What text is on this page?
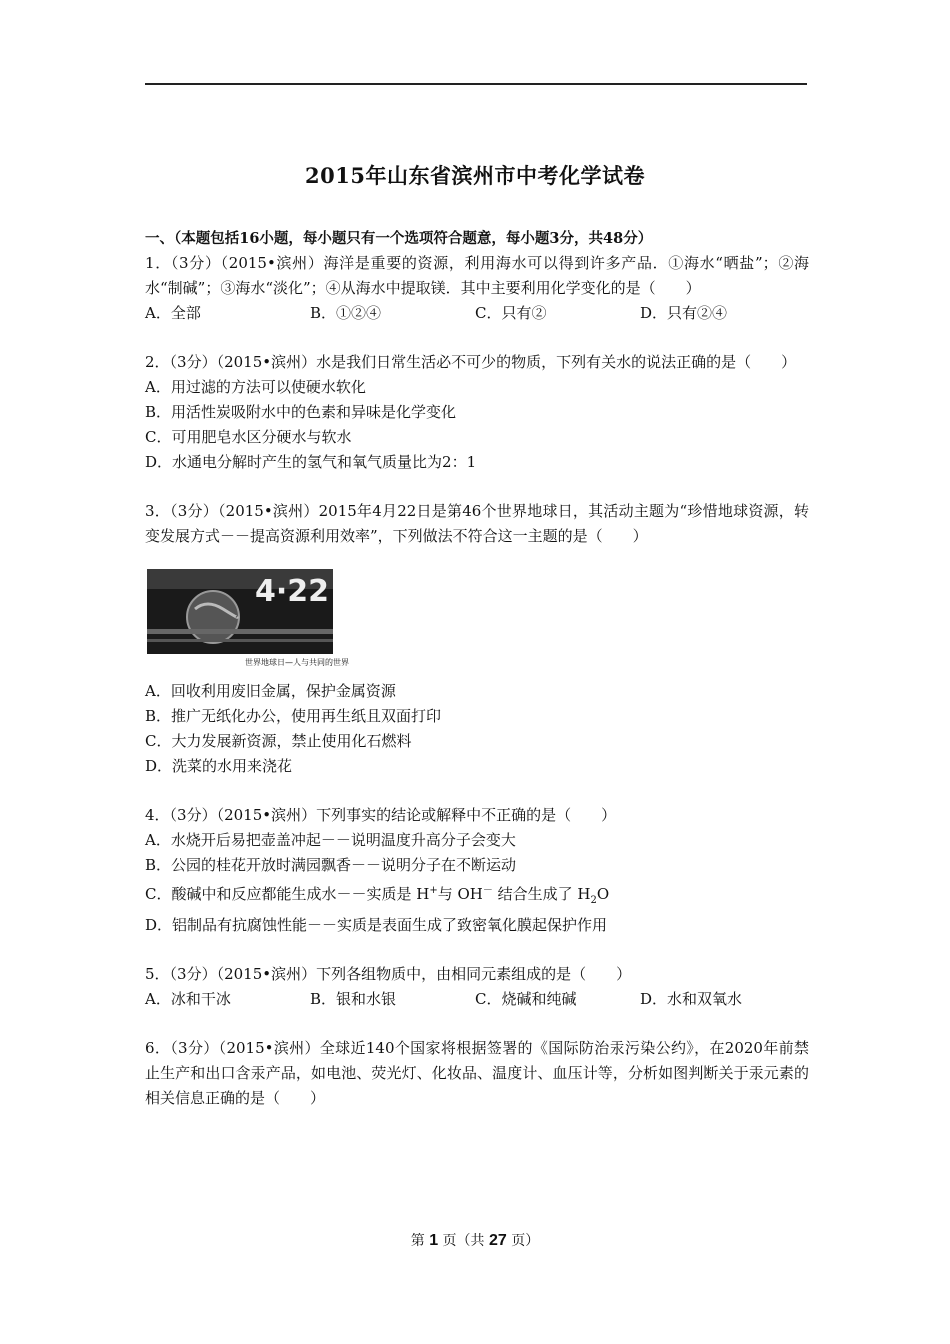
2015年山东省滨州市中考化学试卷
一、（本题包括16小题，每小题只有一个选项符合题意，每小题3分，共48分）
1．（3分）（2015•滨州）海洋是重要的资源，利用海水可以得到许多产品．①海水“晒盐”；②海水“制碱”；③海水“淡化”；④从海水中提取镁．其中主要利用化学变化的是（　　）
A．全部	B．①②④	C．只有②	D．只有②④
2．（3分）（2015•滨州）水是我们日常生活必不可少的物质，下列有关水的说法正确的是（　　）
A．用过滤的方法可以使硬水软化
B．用活性炭吸附水中的色素和异味是化学变化
C．可用肥皂水区分硬水与软水
D．水通电分解时产生的氢气和氧气质量比为2：1
3．（3分）（2015•滨州）2015年4月22日是第46个世界地球日，其活动主题为“珍惜地球资源，转变发展方式－－提高资源利用效率”，下列做法不符合这一主题的是（　　）
4·22
世界地球日—人与共同的世界
A．回收利用废旧金属，保护金属资源
B．推广无纸化办公，使用再生纸且双面打印
C．大力发展新资源，禁止使用化石燃料
D．洗菜的水用来浇花
4．（3分）（2015•滨州）下列事实的结论或解释中不正确的是（　　）
A．水烧开后易把壶盖冲起－－说明温度升高分子会变大
B．公园的桂花开放时满园飘香－－说明分子在不断运动
C．酸碱中和反应都能生成水－－实质是 H+与 OH－ 结合生成了 $H_2O$
D．铝制品有抗腐蚀性能－－实质是表面生成了致密氧化膜起保护作用
5．（3分）（2015•滨州）下列各组物质中，由相同元素组成的是（　　）
A．冰和干冰	B．银和水银	C．烧碱和纯碱	D．水和双氧水
6．（3分）（2015•滨州）全球近140个国家将根据签署的《国际防治汞污染公约》，在2020年前禁止生产和出口含汞产品，如电池、荧光灯、化妆品、温度计、血压计等，分析如图判断关于汞元素的相关信息正确的是（　　）
第 1 页（共 27 页）
